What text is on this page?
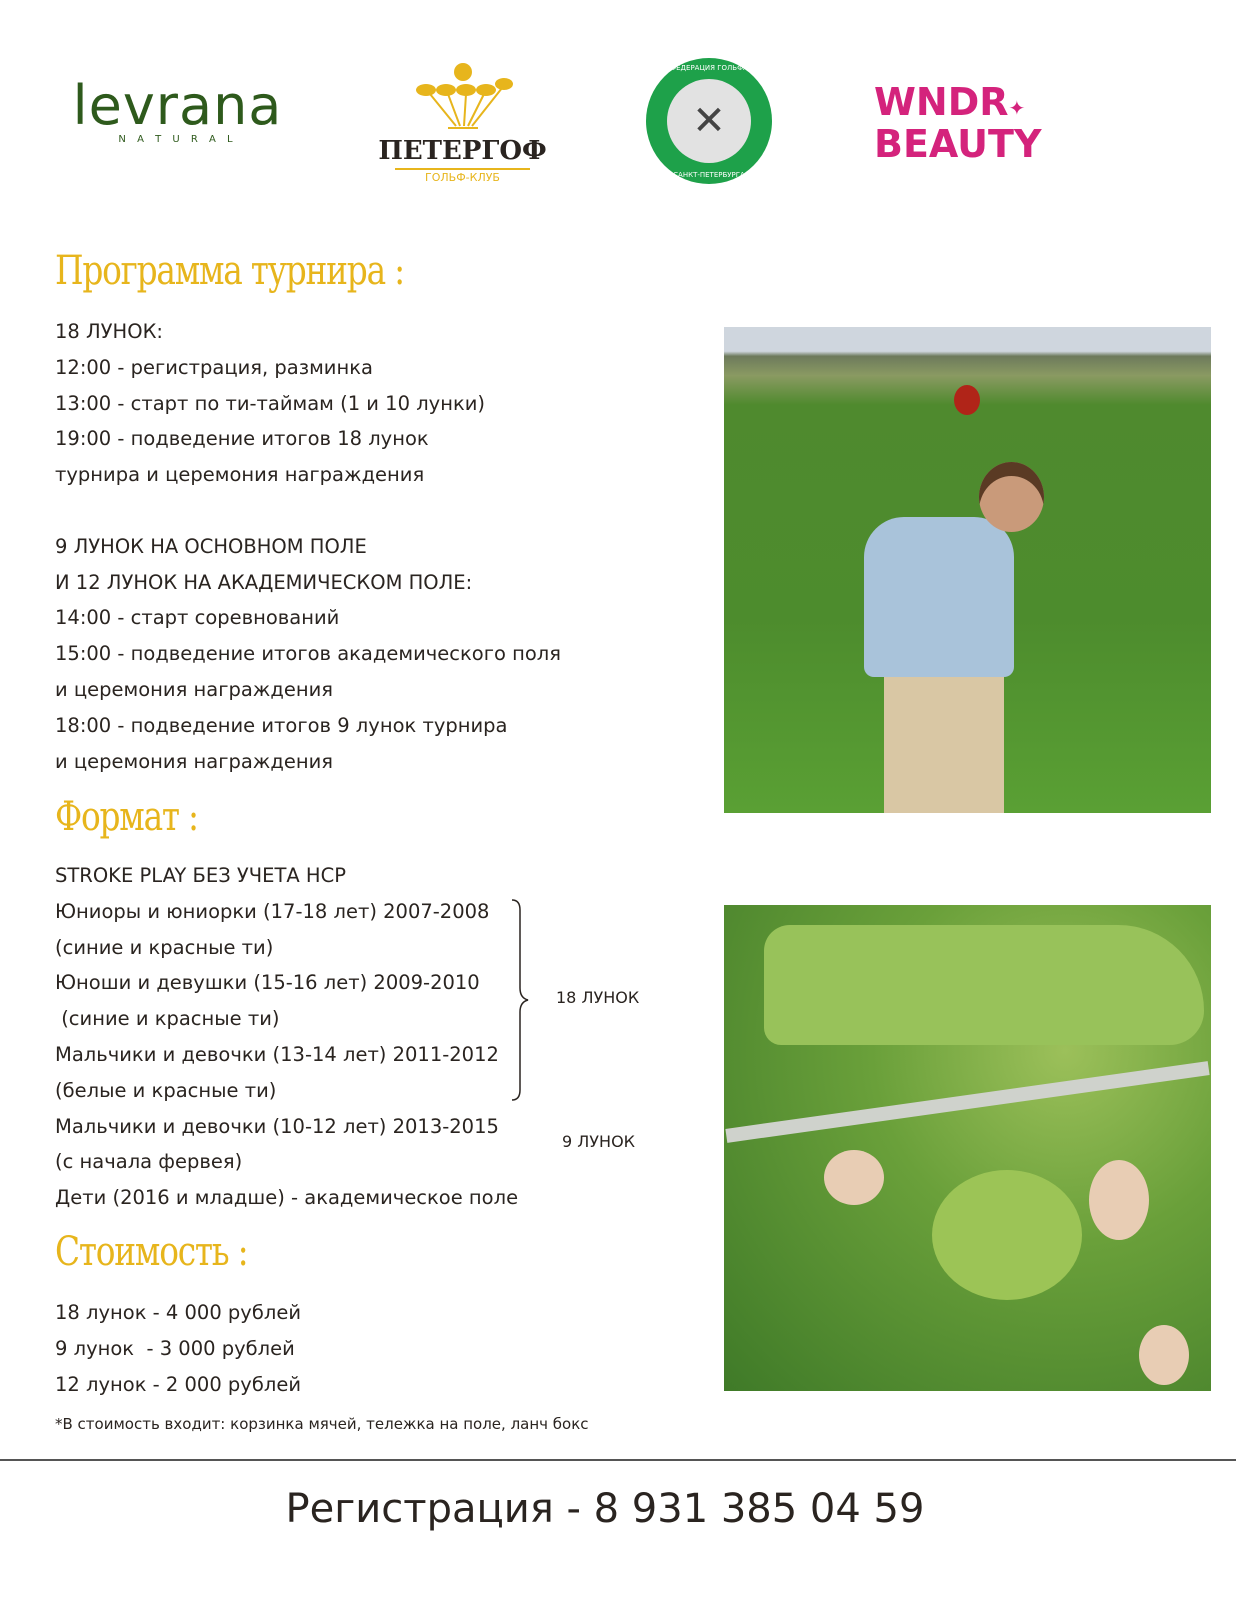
levrana
N A T U R A L	ПЕТЕРГОФ
ГОЛЬФ-КЛУБ
✕
ФЕДЕРАЦИЯ ГОЛЬФА
САНКТ-ПЕТЕРБУРГА
WNDR✦
BEAUTY
Программа турнира :
18 ЛУНОК:
12:00 - регистрация, разминка
13:00 - старт по ти-таймам (1 и 10 лунки)
19:00 - подведение итогов 18 лунок
турнира и церемония награждения
9 ЛУНОК НА ОСНОВНОМ ПОЛЕ
И 12 ЛУНОК НА АКАДЕМИЧЕСКОМ ПОЛЕ:
14:00 - старт соревнований
15:00 - подведение итогов академического поля
и церемония награждения
18:00 - подведение итогов 9 лунок турнира
и церемония награждения
Формат :
STROKE PLAY БЕЗ УЧЕТА HCP
Юниоры и юниорки (17-18 лет) 2007-2008
(синие и красные ти)
Юноши и девушки (15-16 лет) 2009-2010
(синие и красные ти)
Мальчики и девочки (13-14 лет) 2011-2012
(белые и красные ти)
Мальчики и девочки (10-12 лет) 2013-2015
(с начала фервея)
Дети (2016 и младше) - академическое поле
18 ЛУНОК
9 ЛУНОК
Стоимость :
18 лунок - 4 000 рублей
9 лунок  - 3 000 рублей
12 лунок - 2 000 рублей
*В стоимость входит: корзинка мячей, тележка на поле, ланч бокс
Регистрация - 8 931 385 04 59
